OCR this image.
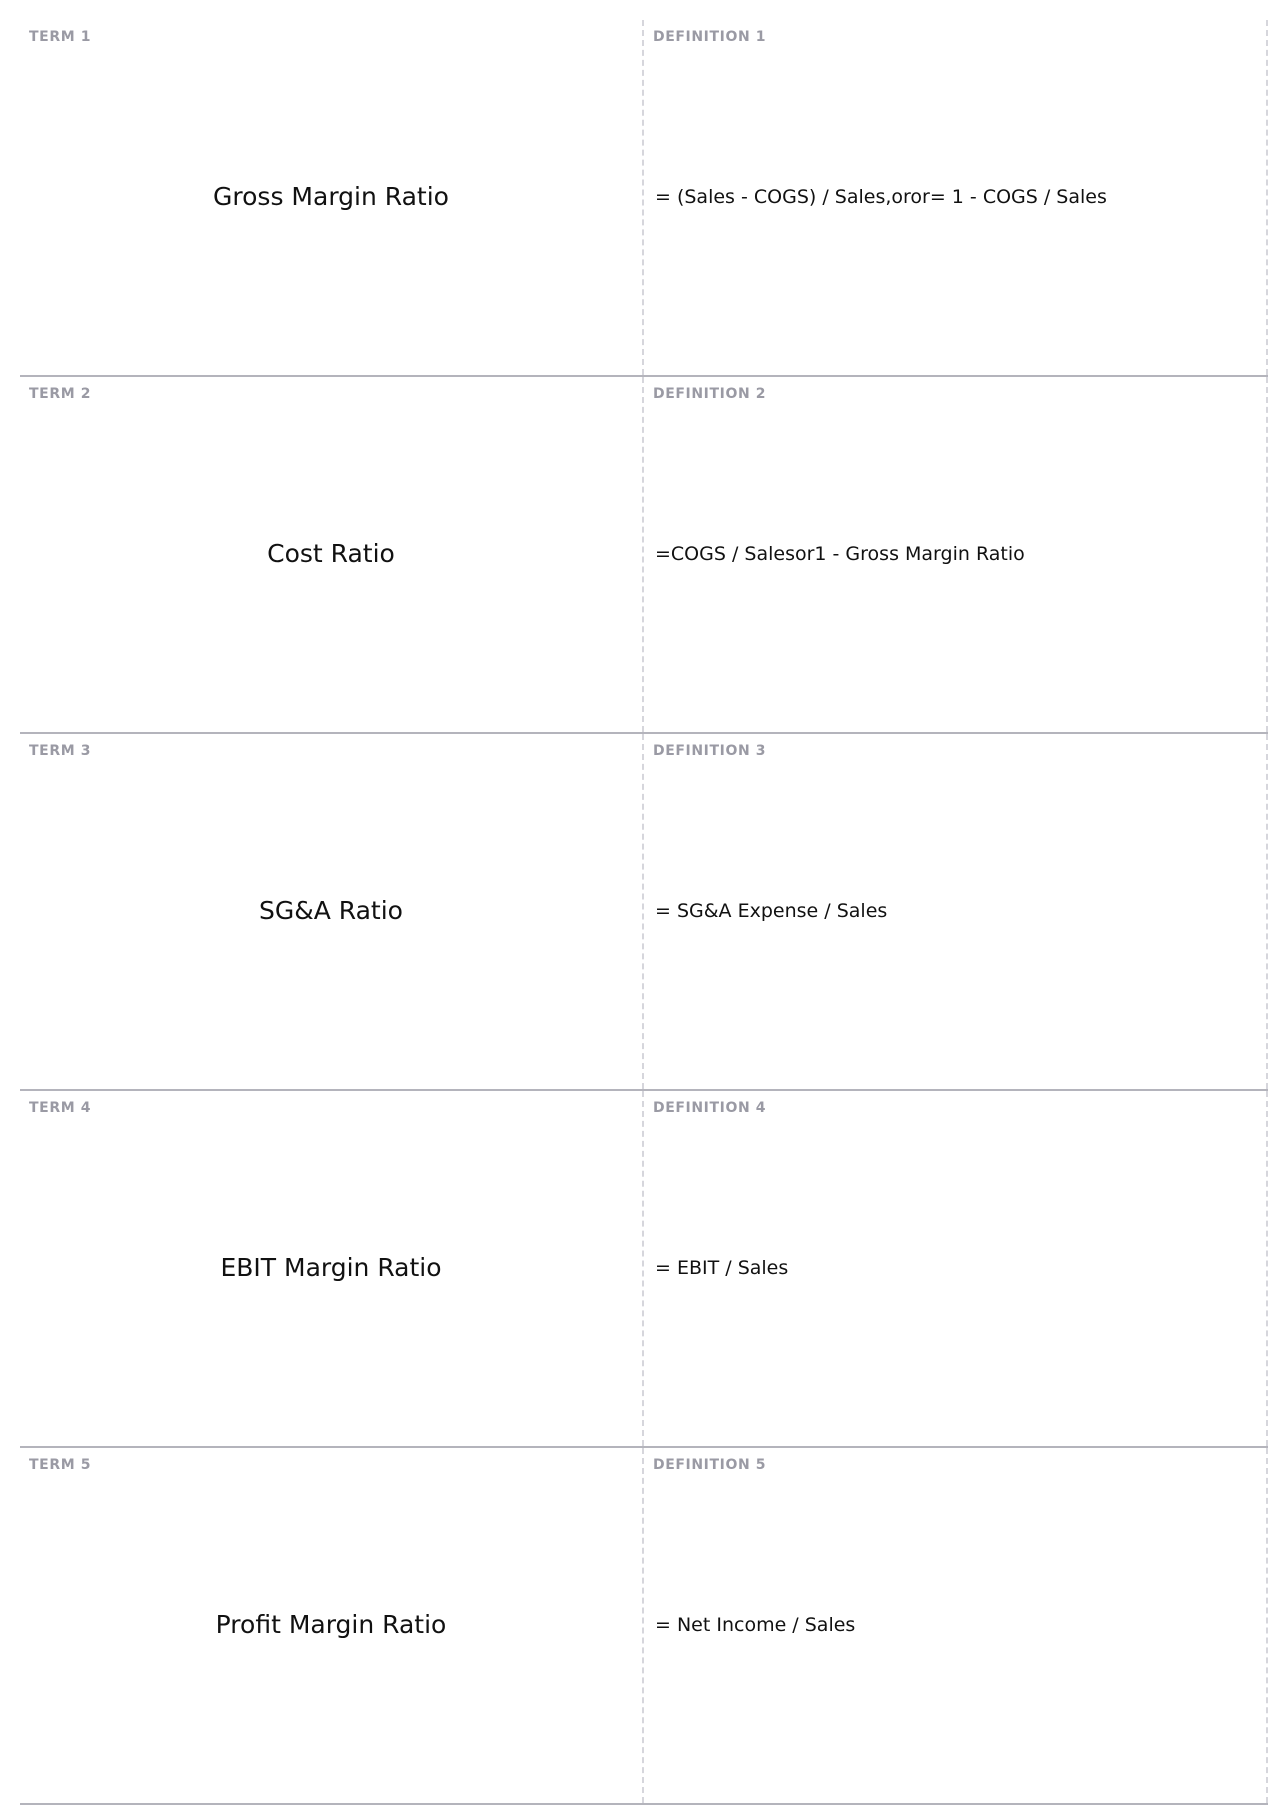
TERM 1
Gross Margin Ratio
DEFINITION 1
= (Sales - COGS) / Sales,oror= 1 - COGS / Sales
TERM 2
Cost Ratio
DEFINITION 2
=COGS / Salesor1 - Gross Margin Ratio
TERM 3
SG&A Ratio
DEFINITION 3
= SG&A Expense / Sales
TERM 4
EBIT Margin Ratio
DEFINITION 4
= EBIT / Sales
TERM 5
Profit Margin Ratio
DEFINITION 5
= Net Income / Sales
